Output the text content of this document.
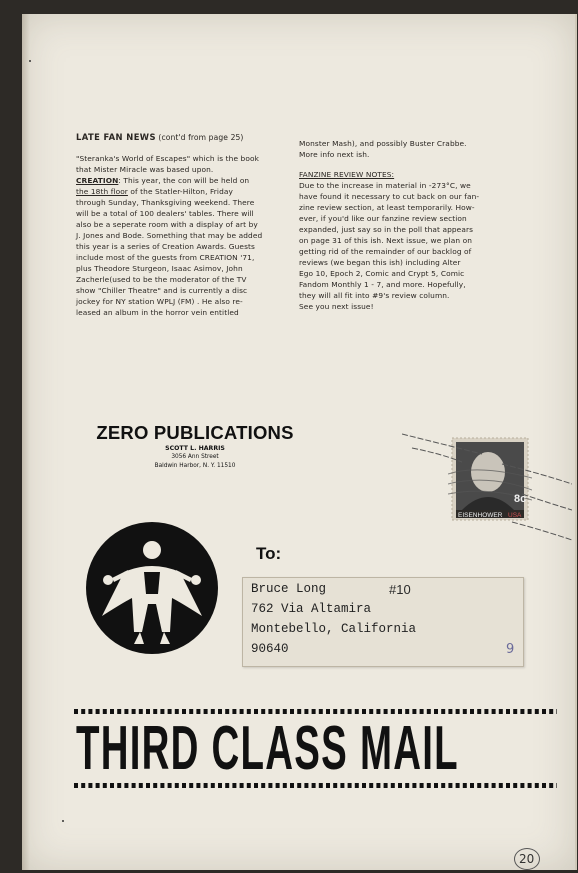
LATE FAN NEWS (cont'd from page 25)

"Steranka's World of Escapes" which is the book

that Mister Miracle was based upon.

CREATION: This year, the con will be held on

the 18th floor of the Statler-Hilton, Friday

through Sunday, Thanksgiving weekend. There

will be a total of 100 dealers' tables. There will

also be a seperate room with a display of art by

J. Jones and Bode. Something that may be added

this year is a series of Creation Awards. Guests

include most of the guests from CREATION '71,

plus Theodore Sturgeon, Isaac Asimov, John

Zacherle(used to be the moderator of the TV

show "Chiller Theatre" and is currently a disc

jockey for NY station WPLJ (FM) . He also re-

leased an album in the horror vein entitled

Monster Mash), and possibly Buster Crabbe.

More info next ish.

FANZINE REVIEW NOTES:

Due to the increase in material in -273°C, we

have found it necessary to cut back on our fan-

zine review section, at least temporarily. How-

ever, if you'd like our fanzine review section

expanded, just say so in the poll that appears

on page 31 of this ish. Next issue, we plan on

getting rid of the remainder of our backlog of

reviews (we began this ish) including Alter

Ego 10, Epoch 2, Comic and Crypt 5, Comic

Fandom Monthly 1 - 7, and more. Hopefully,

they will all fit into #9's review column.

See you next issue!

ZERO PUBLICATIONS
SCOTT L. HARRIS
3056 Ann Street
Baldwin Harbor, N. Y. 11510
To:
Bruce Long	#10
762 Via Altamira
Montebello, California
90640	9
8c
EISENHOWER USA
THIRD CLASS MAIL
20
